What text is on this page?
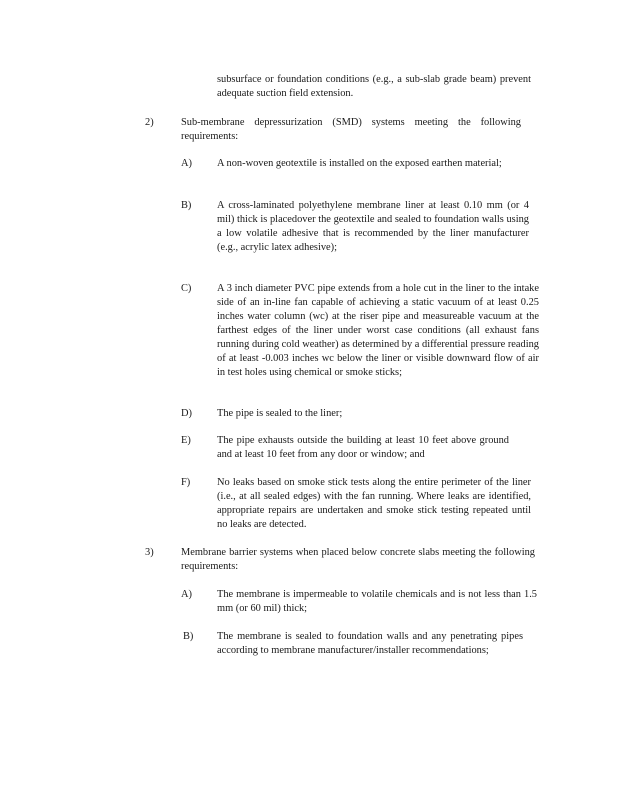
subsurface or foundation conditions (e.g., a sub-slab grade beam) prevent adequate suction field extension.

2)	Sub-membrane depressurization (SMD) systems meeting the following requirements:

A) A non-woven geotextile is installed on the exposed earthen material;

B) A cross-laminated polyethylene membrane liner at least 0.10 mm (or 4 mil) thick is placedover the geotextile and sealed to foundation walls using a low volatile adhesive that is recommended by the liner manufacturer (e.g., acrylic latex adhesive);

C) A 3 inch diameter PVC pipe extends from a hole cut in the liner to the intake side of an in-line fan capable of achieving a static vacuum of at least 0.25 inches water column (wc) at the riser pipe and measureable vacuum at the farthest edges of the liner under worst case conditions (all exhaust fans running during cold weather) as determined by a differential pressure reading of at least -0.003 inches wc below the liner or visible downward flow of air in test holes using chemical or smoke sticks;

D) The pipe is sealed to the liner;

E)	The pipe exhausts outside the building at least 10 feet above ground and at least 10 feet from any door or window; and

F)	No leaks based on smoke stick tests along the entire perimeter of the liner (i.e., at all sealed edges) with the fan running. Where leaks are identified, appropriate repairs are undertaken and smoke stick testing repeated until no leaks are detected.

3)	Membrane barrier systems when placed below concrete slabs meeting the following requirements:

A) The membrane is impermeable to volatile chemicals and is not less than 1.5 mm (or 60 mil) thick;

B) The membrane is sealed to foundation walls and any penetrating pipes according to membrane manufacturer/installer recommendations;
